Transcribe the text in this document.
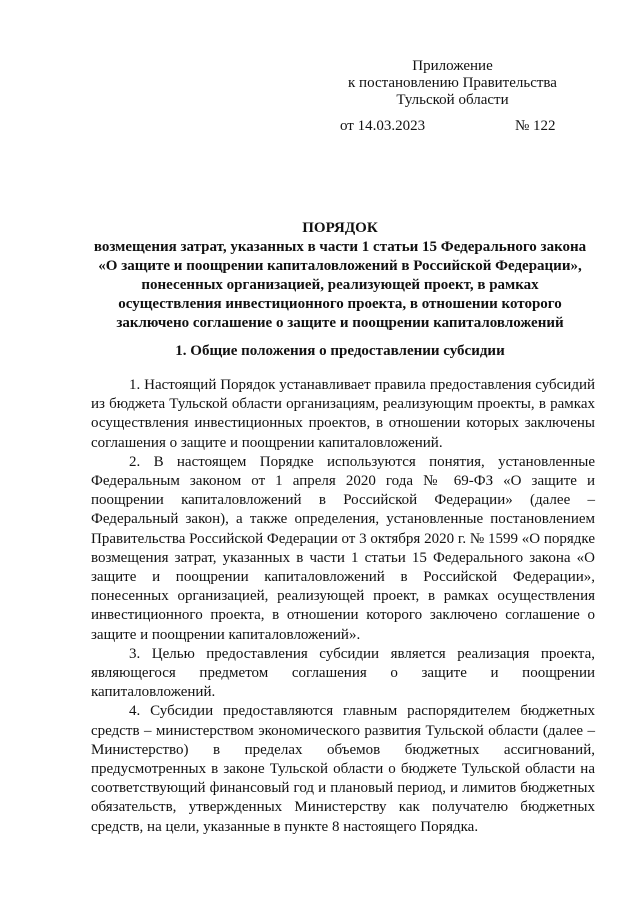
Приложение
к постановлению Правительства
Тульской области
от 14.03.2023	№ 122
ПОРЯДОК
возмещения затрат, указанных в части 1 статьи 15 Федерального закона
«О защите и поощрении капиталовложений в Российской Федерации»,
понесенных организацией, реализующей проект, в рамках
осуществления инвестиционного проекта, в отношении которого
заключено соглашение о защите и поощрении капиталовложений
1. Общие положения о предоставлении субсидии

1. Настоящий Порядок устанавливает правила предоставления субсидий из бюджета Тульской области организациям, реализующим проекты, в рамках осуществления инвестиционных проектов, в отношении которых заключены соглашения о защите и поощрении капиталовложений.

2. В настоящем Порядке используются понятия, установленные Федеральным законом от 1 апреля 2020 года № 69-ФЗ «О защите и поощрении капиталовложений в Российской Федерации» (далее – Федеральный закон), а также определения, установленные постановлением Правительства Российской Федерации от 3 октября 2020 г. № 1599 «О порядке возмещения затрат, указанных в части 1 статьи 15 Федерального закона «О защите и поощрении капиталовложений в Российской Федерации», понесенных организацией, реализующей проект, в рамках осуществления инвестиционного проекта, в отношении которого заключено соглашение о защите и поощрении капиталовложений».

3. Целью предоставления субсидии является реализация проекта, являющегося предметом соглашения о защите и поощрении капиталовложений.

4. Субсидии предоставляются главным распорядителем бюджетных средств – министерством экономического развития Тульской области (далее – Министерство) в пределах объемов бюджетных ассигнований, предусмотренных в законе Тульской области о бюджете Тульской области на соответствующий финансовый год и плановый период, и лимитов бюджетных обязательств, утвержденных Министерству как получателю бюджетных средств, на цели, указанные в пункте 8 настоящего Порядка.
